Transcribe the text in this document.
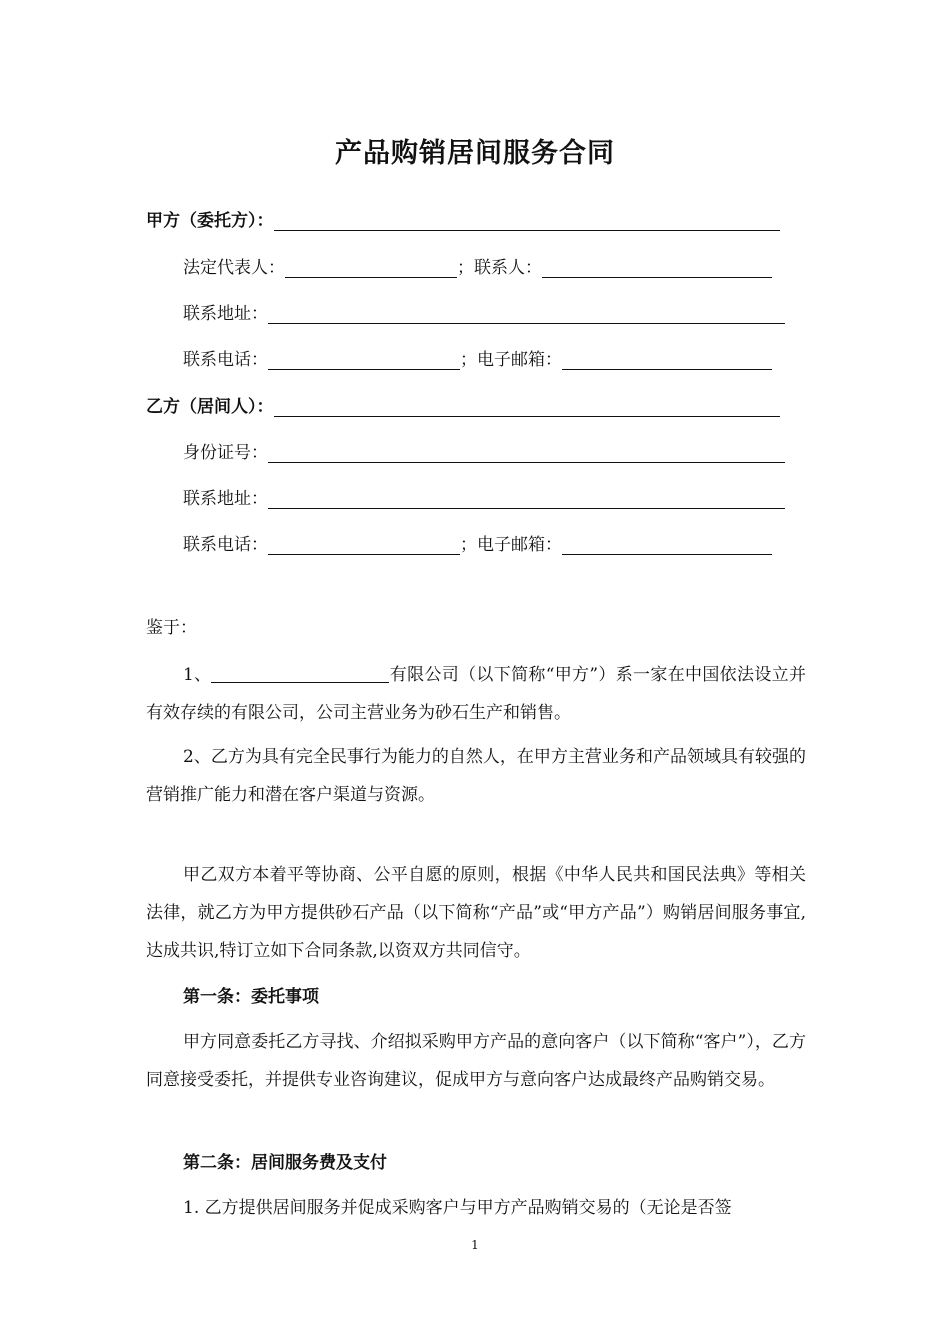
产品购销居间服务合同
甲方（委托方）：
法定代表人：	； 联系人：
联系地址：
联系电话：	； 电子邮箱：
乙方（居间人）：
身份证号：
联系地址：
联系电话：	； 电子邮箱：
鉴于：
1、	有限公司（以下简称“甲方”）系一家在中国依法设立并有效存续的有限公司，公司主营业务为砂石生产和销售。
2、乙方为具有完全民事行为能力的自然人，在甲方主营业务和产品领域具有较强的营销推广能力和潜在客户渠道与资源。
甲乙双方本着平等协商、公平自愿的原则，根据《中华人民共和国民法典》等相关法律，就乙方为甲方提供砂石产品（以下简称“产品”或“甲方产品”）购销居间服务事宜,达成共识,特订立如下合同条款,以资双方共同信守。
第一条：委托事项
甲方同意委托乙方寻找、介绍拟采购甲方产品的意向客户（以下简称“客户”），乙方同意接受委托，并提供专业咨询建议，促成甲方与意向客户达成最终产品购销交易。
第二条：居间服务费及支付
1. 乙方提供居间服务并促成采购客户与甲方产品购销交易的（无论是否签
1
